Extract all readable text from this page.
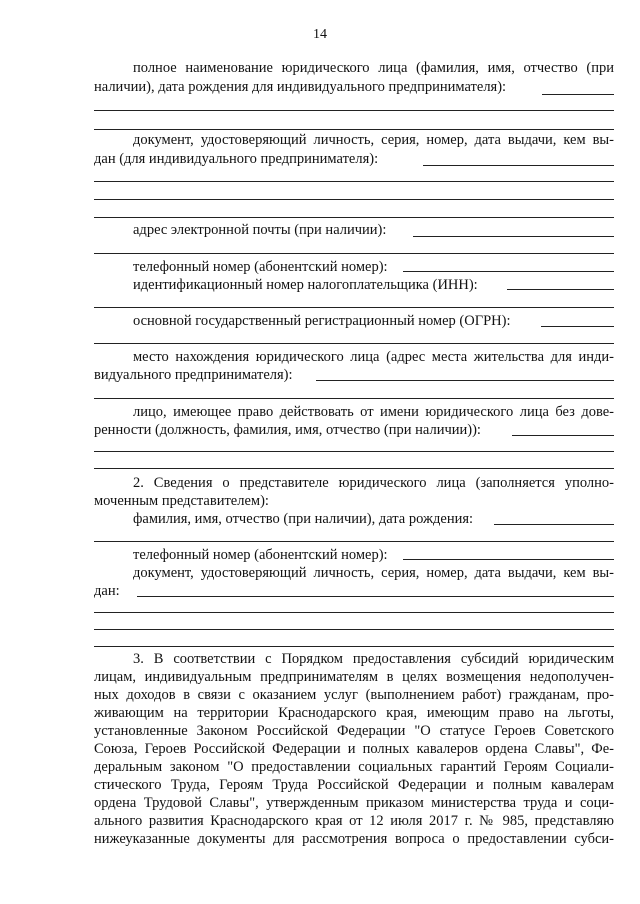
14
полное наименование юридического лица (фамилия, имя, отчество (при
наличии), дата рождения для индивидуального предпринимателя):
документ, удостоверяющий личность, серия, номер, дата выдачи, кем вы-
дан (для индивидуального предпринимателя):
адрес электронной почты (при наличии):
телефонный номер (абонентский номер):
идентификационный номер налогоплательщика (ИНН):
основной государственный регистрационный номер (ОГРН):
место нахождения юридического лица (адрес места жительства для инди-
видуального предпринимателя):
лицо, имеющее право действовать от имени юридического лица без дове-
ренности (должность, фамилия, имя, отчество (при наличии)):
2. Сведения о представителе юридического лица (заполняется уполно-
моченным представителем):
фамилия, имя, отчество (при наличии), дата рождения:
телефонный номер (абонентский номер):
документ, удостоверяющий личность, серия, номер, дата выдачи, кем вы-
дан:
3. В соответствии с Порядком предоставления субсидий юридическим
лицам, индивидуальным предпринимателям в целях возмещения недополучен-
ных доходов в связи с оказанием услуг (выполнением работ) гражданам, про-
живающим на территории Краснодарского края, имеющим право на льготы,
установленные Законом Российской Федерации "О статусе Героев Советского
Союза, Героев Российской Федерации и полных кавалеров ордена Славы", Фе-
деральным законом "О предоставлении социальных гарантий Героям Социали-
стического Труда, Героям Труда Российской Федерации и полным кавалерам
ордена Трудовой Славы", утвержденным приказом министерства труда и соци-
ального развития Краснодарского края от 12 июля 2017 г. № 985, представляю
нижеуказанные документы для рассмотрения вопроса о предоставлении субси-
